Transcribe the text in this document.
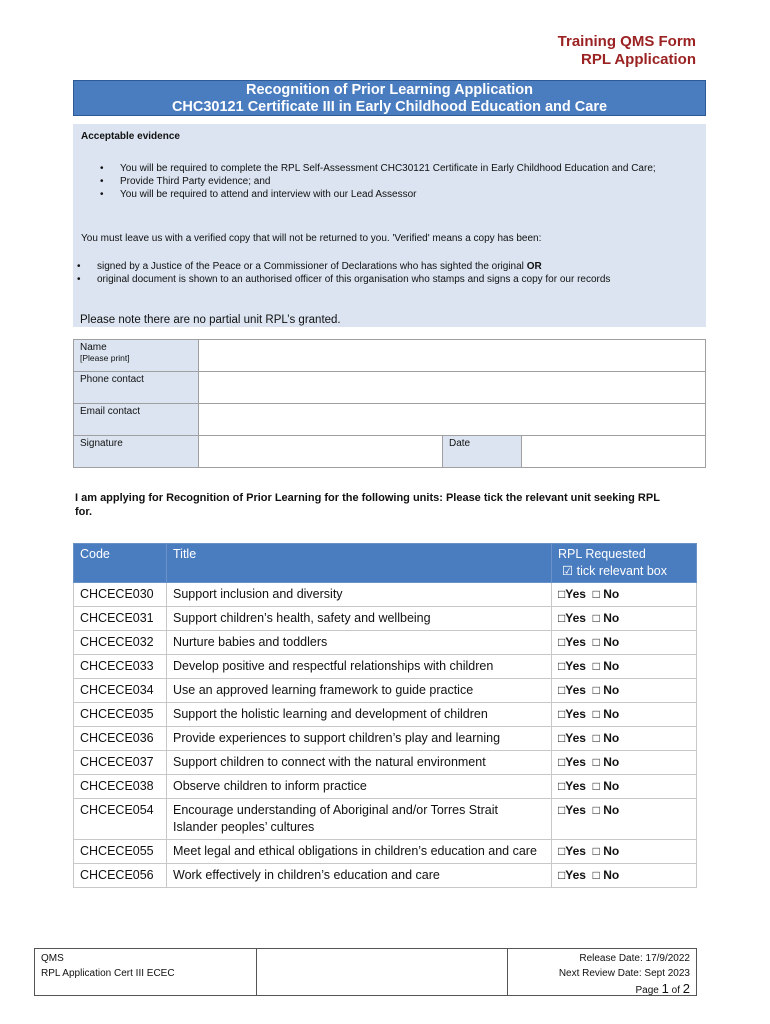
Training QMS Form
RPL Application
Recognition of Prior Learning Application
CHC30121 Certificate III in Early Childhood Education and Care
Acceptable evidence
• You will be required to complete the RPL Self-Assessment CHC30121 Certificate in Early Childhood Education and Care;
• Provide Third Party evidence; and
• You will be required to attend and interview with our Lead Assessor
You must leave us with a verified copy that will not be returned to you. 'Verified' means a copy has been:
• signed by a Justice of the Peace or a Commissioner of Declarations who has sighted the original OR
• original document is shown to an authorised officer of this organisation who stamps and signs a copy for our records
Please note there are no partial unit RPL’s granted.
Name
[Please print]			

Phone contact			
Email contact			
Signature		Date	
I am applying for Recognition of Prior Learning for the following units: Please tick the relevant unit seeking RPL for.
Code	Title	RPL Requested
☑ tick relevant box

CHCECE030	Support inclusion and diversity	□Yes □ No
CHCECE031	Support children’s health, safety and wellbeing	□Yes □ No
CHCECE032	Nurture babies and toddlers	□Yes □ No
CHCECE033	Develop positive and respectful relationships with children	□Yes □ No
CHCECE034	Use an approved learning framework to guide practice	□Yes □ No
CHCECE035	Support the holistic learning and development of children	□Yes □ No
CHCECE036	Provide experiences to support children’s play and learning	□Yes □ No
CHCECE037	Support children to connect with the natural environment	□Yes □ No
CHCECE038	Observe children to inform practice	□Yes □ No
CHCECE054	Encourage understanding of Aboriginal and/or Torres Strait Islander peoples’ cultures	□Yes □ No
CHCECE055	Meet legal and ethical obligations in children’s education and care	□Yes □ No
CHCECE056	Work effectively in children’s education and care	□Yes □ No
QMS
RPL Application Cert III ECEC
Release Date: 17/9/2022
Next Review Date: Sept 2023
Page 1 of 2
